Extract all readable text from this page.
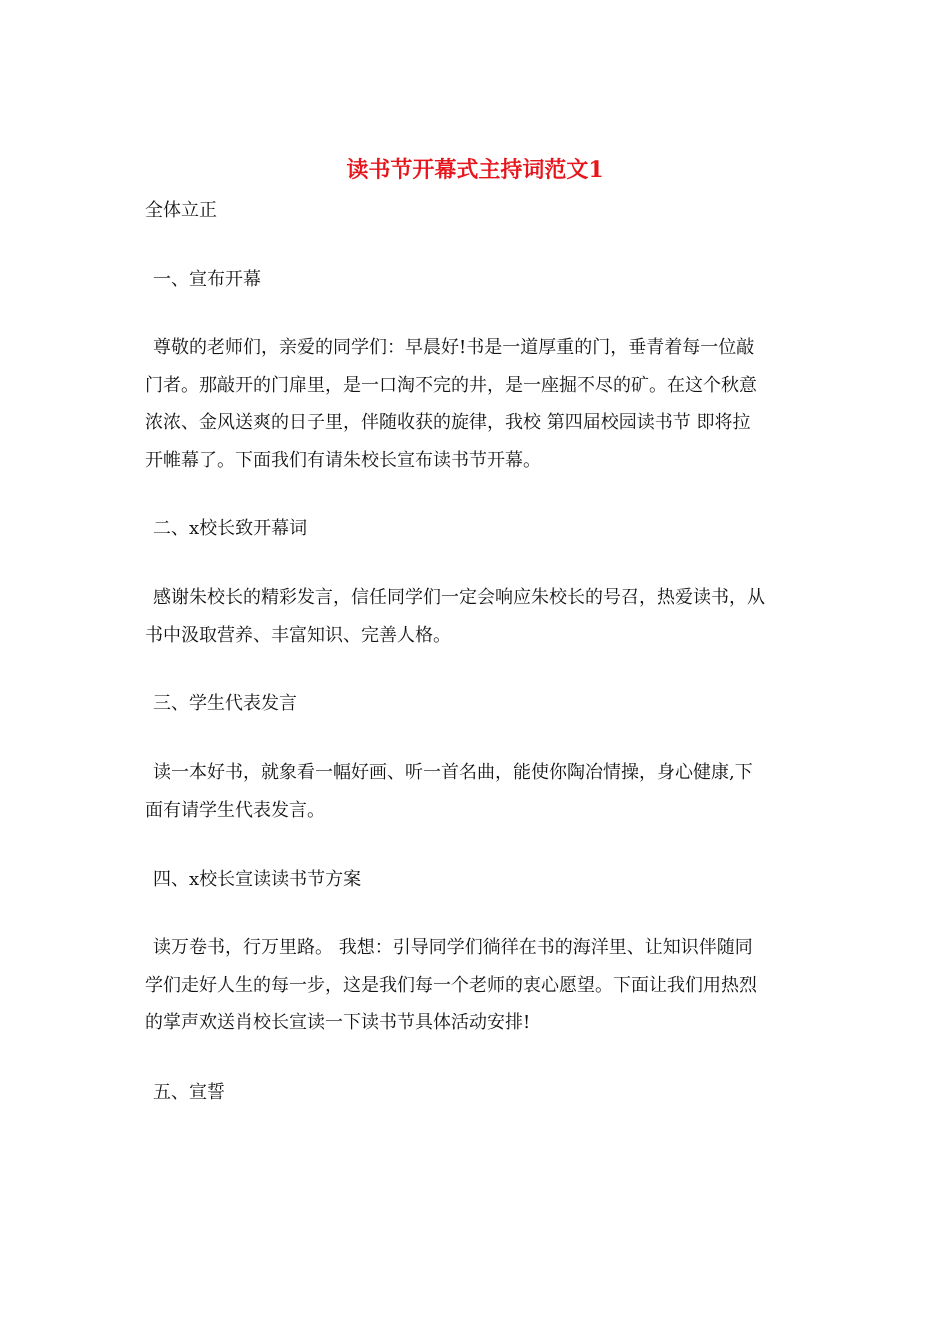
读书节开幕式主持词范文1

全体立正

一、宣布开幕

尊敬的老师们，亲爱的同学们：早晨好!书是一道厚重的门，垂青着每一位敲
门者。那敲开的门扉里，是一口淘不完的井，是一座掘不尽的矿。在这个秋意
浓浓、金风送爽的日子里，伴随收获的旋律，我校 第四届校园读书节 即将拉
开帷幕了。下面我们有请朱校长宣布读书节开幕。

二、x校长致开幕词

感谢朱校长的精彩发言，信任同学们一定会响应朱校长的号召，热爱读书，从
书中汲取营养、丰富知识、完善人格。

三、学生代表发言

读一本好书，就象看一幅好画、听一首名曲，能使你陶冶情操，身心健康,下
面有请学生代表发言。

四、x校长宣读读书节方案

读万卷书，行万里路。 我想：引导同学们徜徉在书的海洋里、让知识伴随同
学们走好人生的每一步，这是我们每一个老师的衷心愿望。下面让我们用热烈
的掌声欢送肖校长宣读一下读书节具体活动安排!

五、宣誓
